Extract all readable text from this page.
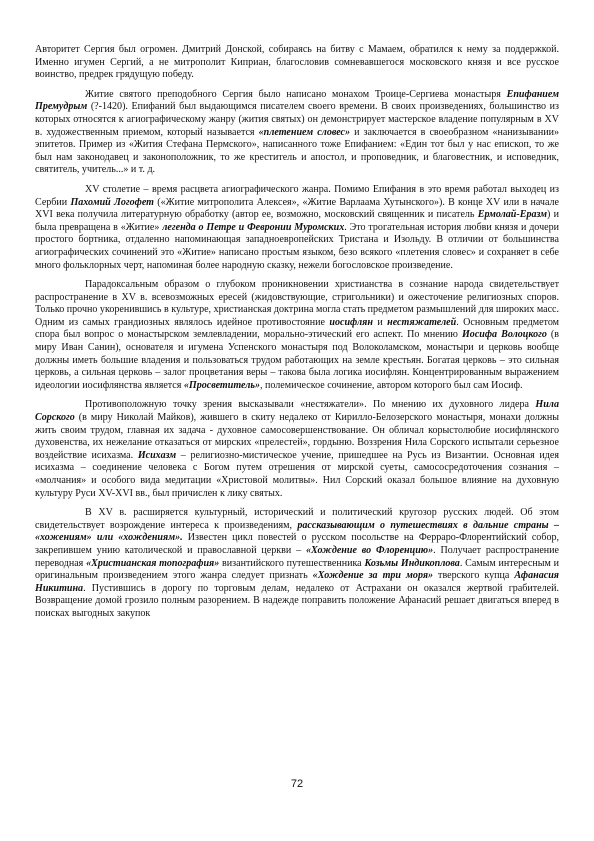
Авторитет Сергия был огромен. Дмитрий Донской, собираясь на битву с Мамаем, обратился к нему за поддержкой. Именно игумен Сергий, а не митрополит Киприан, благословив сомневавшегося московского князя и все русское воинство, предрек грядущую победу.

Житие святого преподобного Сергия было написано монахом Троице-Сергиева монастыря Епифанием Премудрым (?-1420). Епифаний был выдающимся писателем своего времени. В своих произведениях, большинство из которых относятся к агиографическому жанру (жития святых) он демонстрирует мастерское владение популярным в XV в. художественным приемом, который называется «плетением словес» и заключается в своеобразном «нанизывании» эпитетов. Пример из «Жития Стефана Пермского», написанного тоже Епифанием: «Един тот был у нас епископ, то же был нам законодавец и законоположник, то же креститель и апостол, и проповедник, и благовестник, и исповедник, святитель, учитель...» и т. д.

XV столетие – время расцвета агиографического жанра. Помимо Епифания в это время работал выходец из Сербии Пахомий Логофет («Житие митрополита Алексея», «Житие Варлаама Хутынского»). В конце XV или в начале XVI века получила литературную обработку (автор ее, возможно, московский священник и писатель Ермолай-Еразм) и была превращена в «Житие» легенда о Петре и Февронии Муромских. Это трогательная история любви князя и дочери простого бортника, отдаленно напоминающая западноевропейских Тристана и Изольду. В отличии от большинства агиографических сочинений это «Житие» написано простым языком, безо всякого «плетения словес» и сохраняет в себе много фольклорных черт, напоминая более народную сказку, нежели богословское произведение.

Парадоксальным образом о глубоком проникновении христианства в сознание народа свидетельствует распространение в XV в. всевозможных ересей (жидовствующие, стригольники) и ожесточение религиозных споров. Только прочно укоренившись в культуре, христианская доктрина могла стать предметом размышлений для широких масс. Одним из самых грандиозных являлось идейное противостояние иосифлян и нестяжателей. Основным предметом спора был вопрос о монастырском землевладении, морально-этический его аспект. По мнению Иосифа Волоцкого (в миру Иван Санин), основателя и игумена Успенского монастыря под Волоколамском, монастыри и церковь вообще должны иметь большие владения и пользоваться трудом работающих на земле крестьян. Богатая церковь – это сильная церковь, а сильная церковь – залог процветания веры – такова была логика иосифлян. Концентрированным выражением идеологии иосифлянства является «Просветитель», полемическое сочинение, автором которого был сам Иосиф.

Противоположную точку зрения высказывали «нестяжатели». По мнению их духовного лидера Нила Сорского (в миру Николай Майков), жившего в скиту недалеко от Кирилло-Белозерского монастыря, монахи должны жить своим трудом, главная их задача - духовное самосовершенствование. Он обличал корыстолюбие иосифлянского духовенства, их нежелание отказаться от мирских «прелестей», гордыню. Воззрения Нила Сорского испытали серьезное воздействие исихазма. Исихазм – религиозно-мистическое учение, пришедшее на Русь из Византии. Основная идея исихазма – соединение человека с Богом путем отрешения от мирской суеты, самососредоточения сознания – «молчания» и особого вида медитации «Христовой молитвы». Нил Сорский оказал большое влияние на духовную культуру Руси XV-XVI вв., был причислен к лику святых.

В XV в. расширяется культурный, исторический и политический кругозор русских людей. Об этом свидетельствует возрождение интереса к произведениям, рассказывающим о путешествиях в дальние страны – «хожениям» или «хождениям». Известен цикл повестей о русском посольстве на Ферраро-Флорентийский собор, закрепившем унию католической и православной церкви – «Хождение во Флоренцию». Получает распространение переводная «Христианская топография» византийского путешественника Козьмы Индикоплова. Самым интересным и оригинальным произведением этого жанра следует признать «Хождение за три моря» тверского купца Афанасия Никитина. Пустившись в дорогу по торговым делам, недалеко от Астрахани он оказался жертвой грабителей. Возвращение домой грозило полным разорением. В надежде поправить положение Афанасий решает двигаться вперед в поисках выгодных закупок

72
